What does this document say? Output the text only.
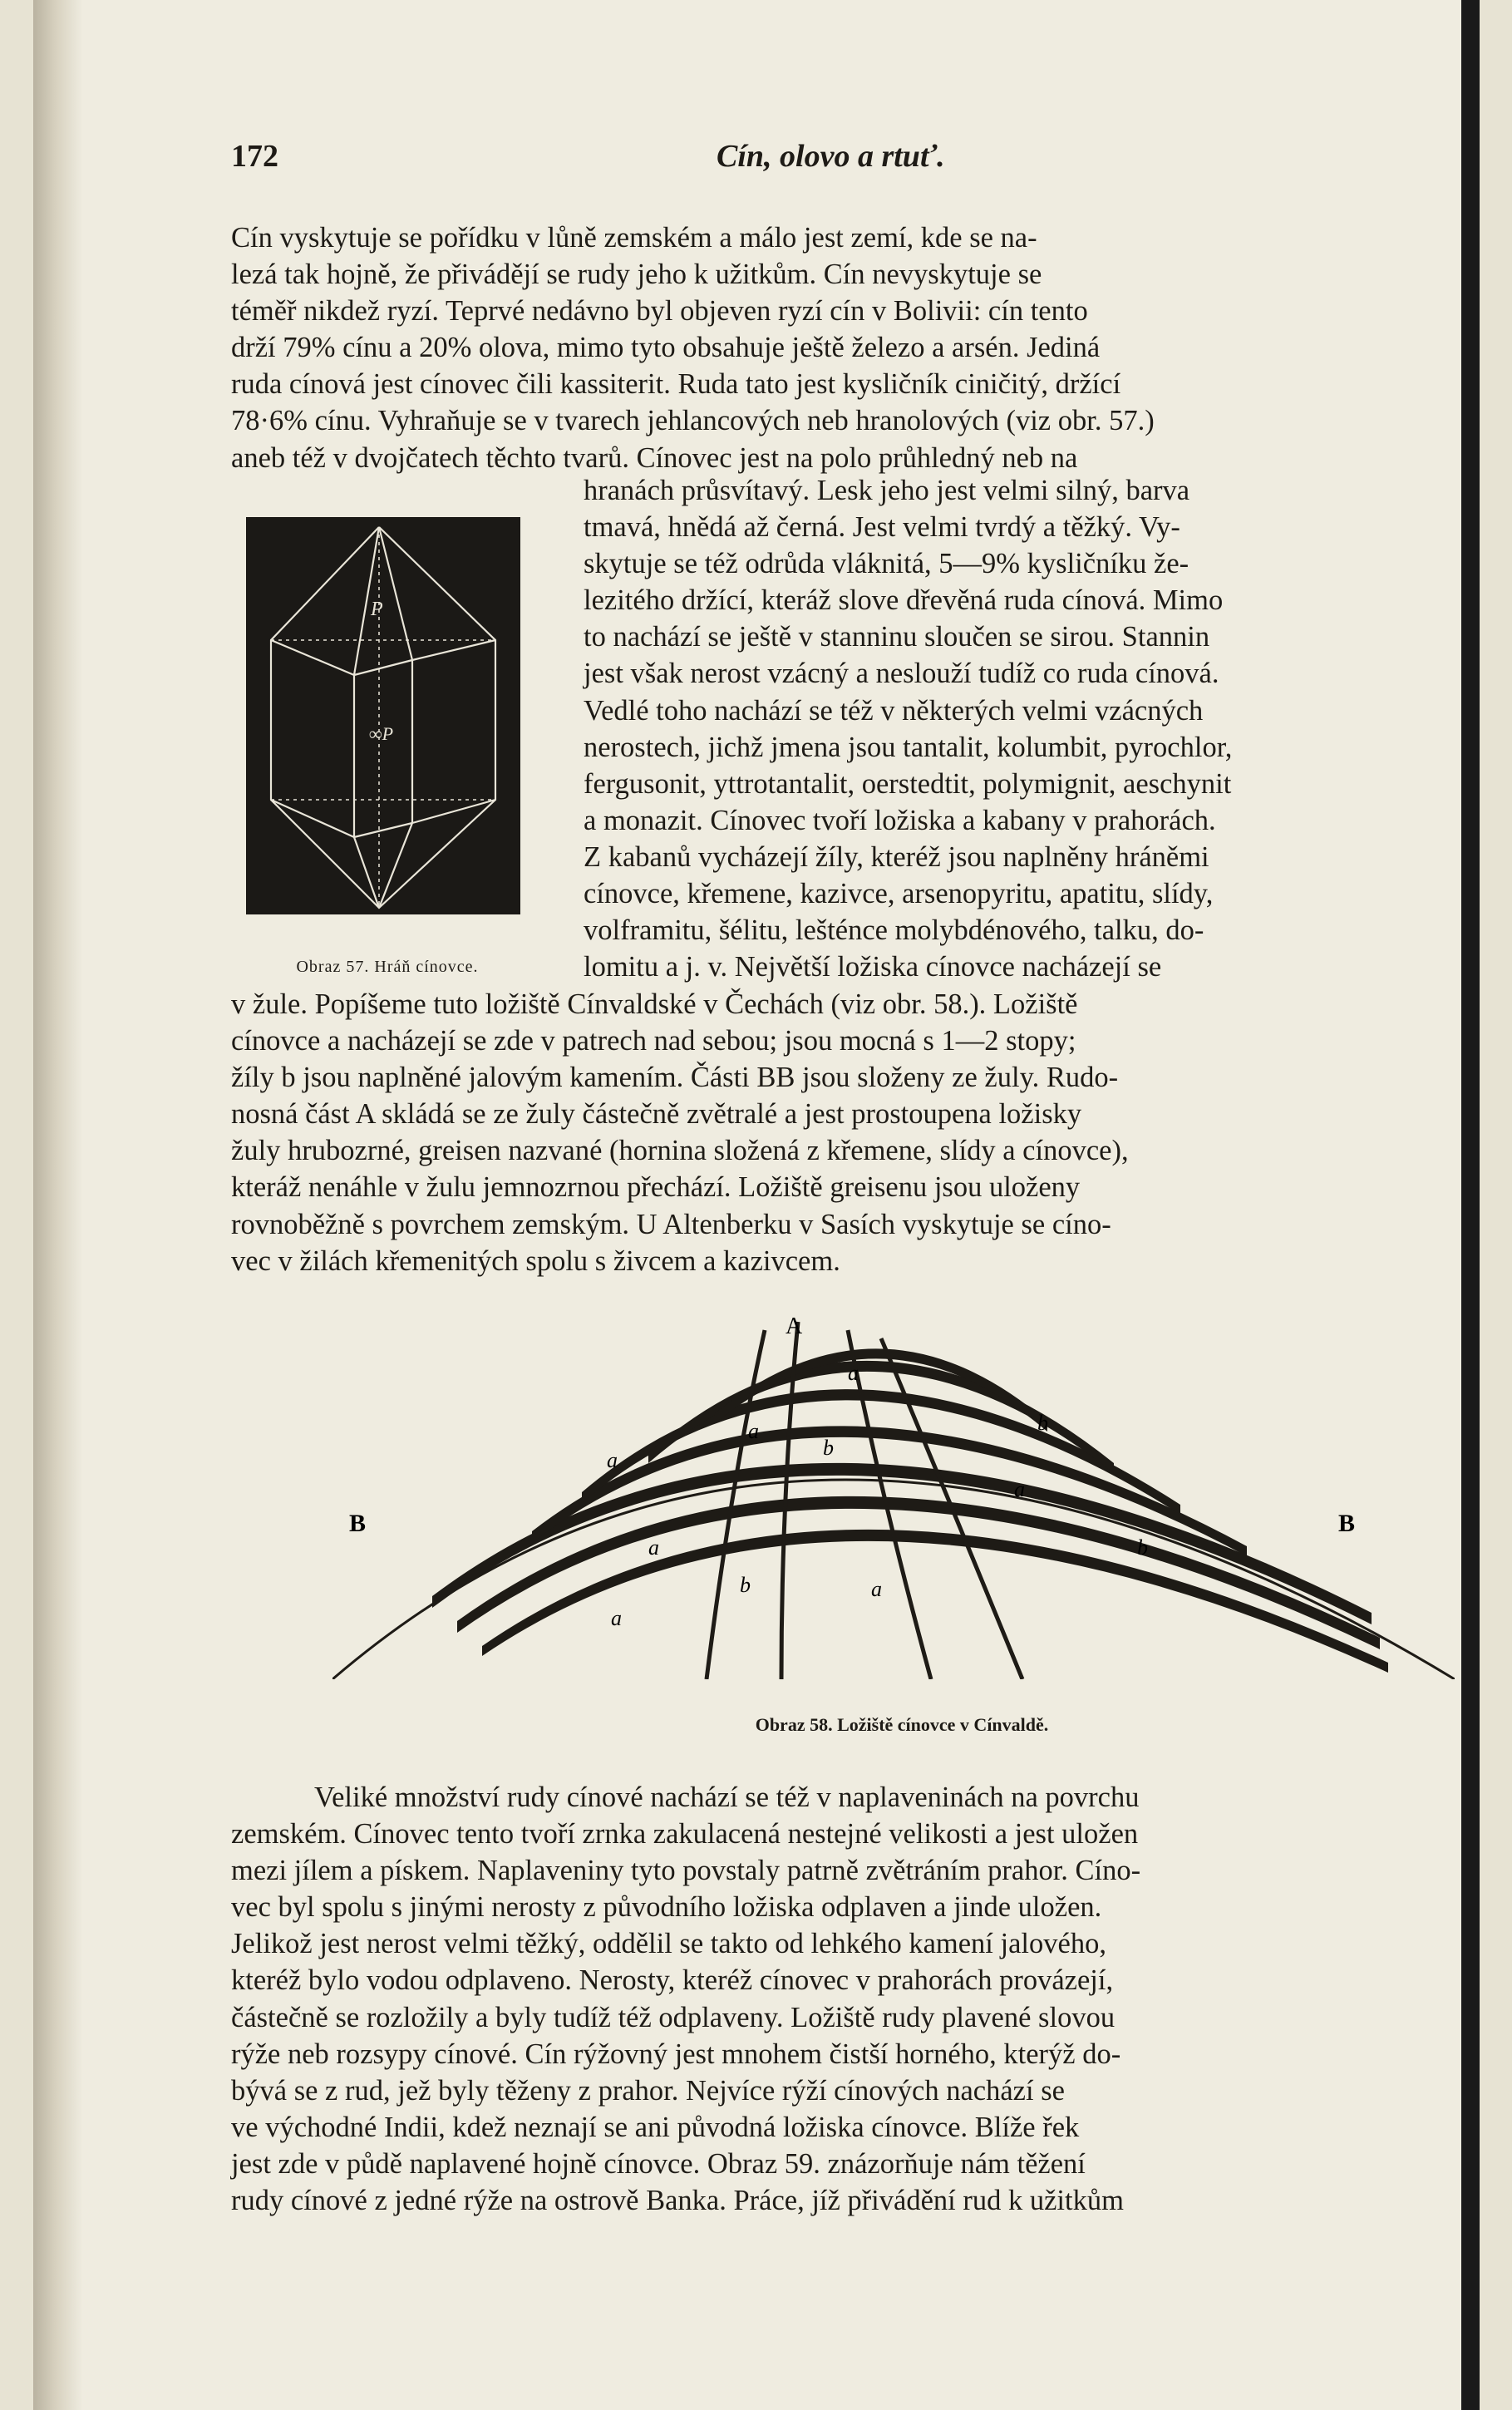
172	Cín, olovo a rtuť.

Cín vyskytuje se pořídku v lůně zemském a málo jest zemí, kde se na-

lezá tak hojně, že přivádějí se rudy jeho k užitkům. Cín nevyskytuje se

téměř nikdež ryzí. Teprvé nedávno byl objeven ryzí cín v Bolivii: cín tento

drží 79% cínu a 20% olova, mimo tyto obsahuje ještě železo a arsén. Jediná

ruda cínová jest cínovec čili kassiterit. Ruda tato jest kysličník ciničitý, držící

78·6% cínu. Vyhraňuje se v tvarech jehlancových neb hranolových (viz obr. 57.)

aneb též v dvojčatech těchto tvarů. Cínovec jest na polo průhledný neb na

P
∞P
Obraz 57. Hráň cínovce.

hranách průsvítavý. Lesk jeho jest velmi silný, barva

tmavá, hnědá až černá. Jest velmi tvrdý a těžký. Vy-

skytuje se též odrůda vláknitá, 5—9% kysličníku že-

lezitého držící, kteráž slove dřevěná ruda cínová. Mimo

to nachází se ještě v stanninu sloučen se sirou. Stannin

jest však nerost vzácný a neslouží tudíž co ruda cínová.

Vedlé toho nachází se též v některých velmi vzácných

nerostech, jichž jmena jsou tantalit, kolumbit, pyrochlor,

fergusonit, yttrotantalit, oerstedtit, polymignit, aeschynit

a monazit. Cínovec tvoří ložiska a kabany v prahorách.

Z kabanů vycházejí žíly, kteréž jsou naplněny hráněmi

cínovce, křemene, kazivce, arsenopyritu, apatitu, slídy,

volframitu, šélitu, lešténce molybdénového, talku, do-

lomitu a j. v. Největší ložiska cínovce nacházejí se

v žule. Popíšeme tuto ložiště Cínvaldské v Čechách (viz obr. 58.). Ložiště

cínovce a nacházejí se zde v patrech nad sebou; jsou mocná s 1—2 stopy;

žíly b jsou naplněné jalovým kamením. Části BB jsou složeny ze žuly. Rudo-

nosná část A skládá se ze žuly částečně zvětralé a jest prostoupena ložisky

žuly hrubozrné, greisen nazvané (hornina složená z křemene, slídy a cínovce),

kteráž nenáhle v žulu jemnozrnou přechází. Ložiště greisenu jsou uloženy

rovnoběžně s povrchem zemským. U Altenberku v Sasích vyskytuje se cíno-

vec v žilách křemenitých spolu s živcem a kazivcem.

A
B	B
a
a
a
a
a
a
b
b
b
a
b
Obraz 58. Ložiště cínovce v Cínvaldě.

Veliké množství rudy cínové nachází se též v naplaveninách na povrchu

zemském. Cínovec tento tvoří zrnka zakulacená nestejné velikosti a jest uložen

mezi jílem a pískem. Naplaveniny tyto povstaly patrně zvětráním prahor. Cíno-

vec byl spolu s jinými nerosty z původního ložiska odplaven a jinde uložen.

Jelikož jest nerost velmi těžký, oddělil se takto od lehkého kamení jalového,

kteréž bylo vodou odplaveno. Nerosty, kteréž cínovec v prahorách provázejí,

částečně se rozložily a byly tudíž též odplaveny. Ložiště rudy plavené slovou

rýže neb rozsypy cínové. Cín rýžovný jest mnohem čistší horného, kterýž do-

bývá se z rud, jež byly těženy z prahor. Nejvíce rýží cínových nachází se

ve východné Indii, kdež neznají se ani původná ložiska cínovce. Blíže řek

jest zde v půdě naplavené hojně cínovce. Obraz 59. znázorňuje nám těžení

rudy cínové z jedné rýže na ostrově Banka. Práce, jíž přivádění rud k užitkům
